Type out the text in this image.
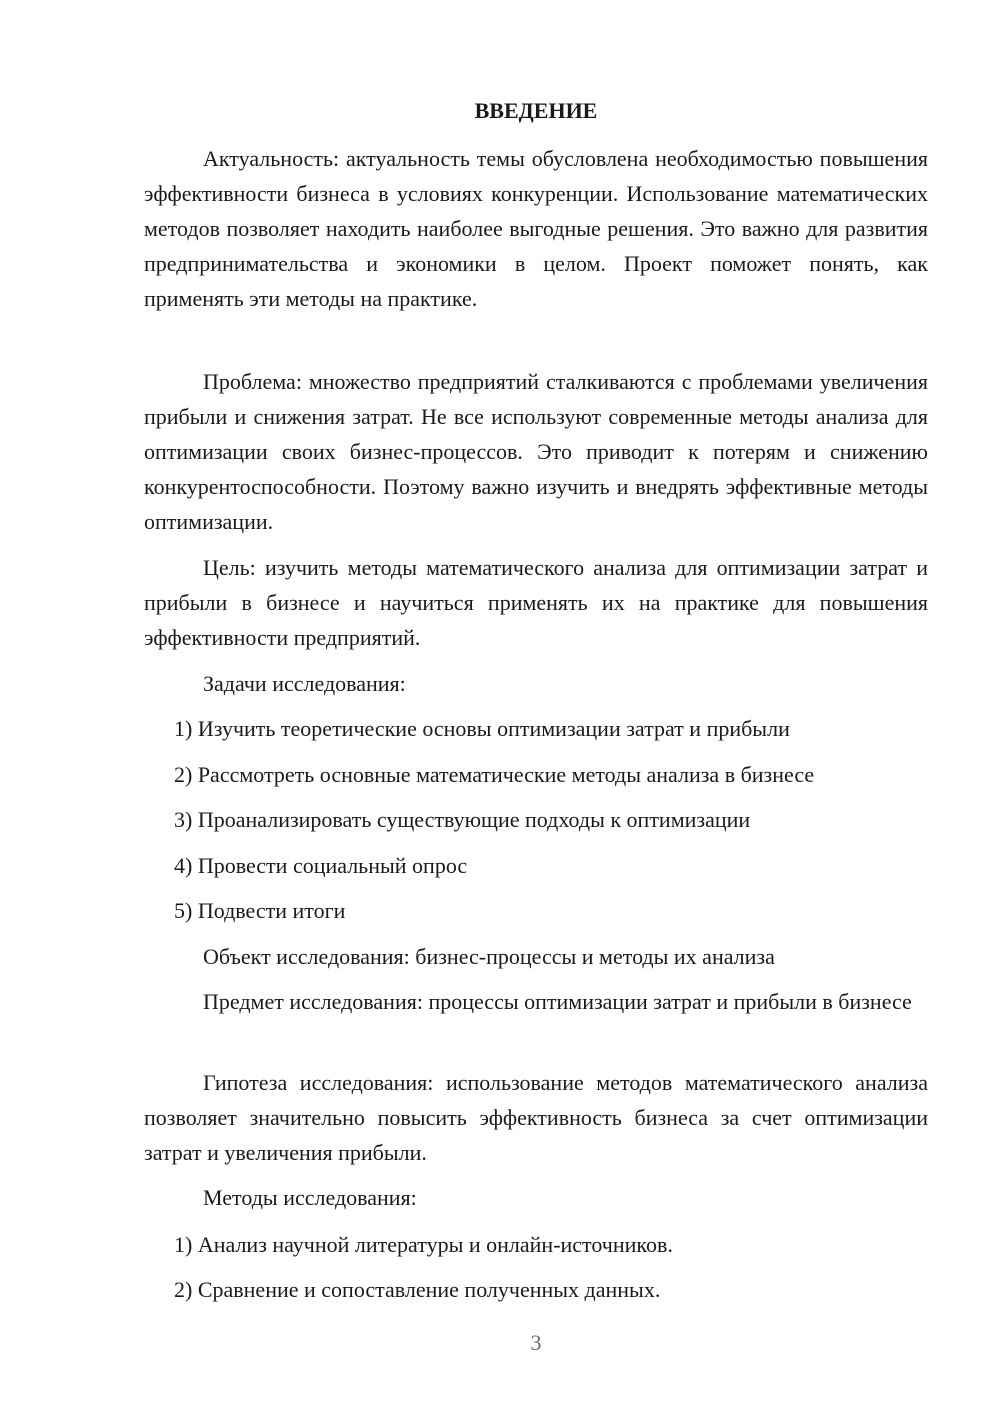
ВВЕДЕНИЕ

Актуальность: актуальность темы обусловлена необходимостью повышения эффективности бизнеса в условиях конкуренции. Использование математических методов позволяет находить наиболее выгодные решения. Это важно для развития предпринимательства и экономики в целом. Проект поможет понять, как применять эти методы на практике.

Проблема: множество предприятий сталкиваются с проблемами увеличения прибыли и снижения затрат. Не все используют современные методы анализа для оптимизации своих бизнес-процессов. Это приводит к потерям и снижению конкурентоспособности. Поэтому важно изучить и внедрять эффективные методы оптимизации.

Цель: изучить методы математического анализа для оптимизации затрат и прибыли в бизнесе и научиться применять их на практике для повышения эффективности предприятий.

Задачи исследования:

1) Изучить теоретические основы оптимизации затрат и прибыли

2) Рассмотреть основные математические методы анализа в бизнесе

3) Проанализировать существующие подходы к оптимизации

4) Провести социальный опрос

5) Подвести итоги

Объект исследования: бизнес-процессы и методы их анализа

Предмет исследования: процессы оптимизации затрат и прибыли в бизнесе

Гипотеза исследования: использование методов математического анализа позволяет значительно повысить эффективность бизнеса за счет оптимизации затрат и увеличения прибыли.

Методы исследования:

1) Анализ научной литературы и онлайн-источников.

2) Сравнение и сопоставление полученных данных.

3
